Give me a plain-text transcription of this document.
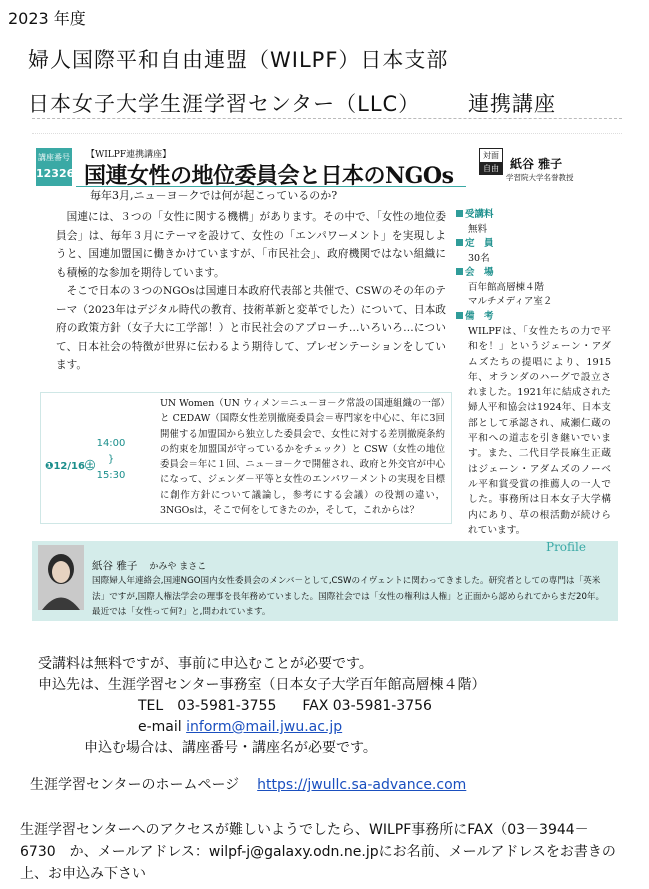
2023 年度
婦人国際平和自由連盟（WILPF）日本支部
日本女子大学生涯学習センター（LLC） 連携講座
講座番号
12326B
【WILPF連携講座】
国連女性の地位委員会と日本のNGOs
毎年3月,ニュ－ヨ－クでは何が起こっているのか?
対面
自由 紙谷 雅子
学習院大学名誉教授

国連には、３つの「女性に関する機構」があります。その中で、「女性の地位委員会」は、毎年３月にテーマを設けて、女性の「エンパワーメント」を実現しようと、国連加盟国に働きかけていますが、「市民社会」、政府機関ではない組織にも積極的な参加を期待しています。

そこで日本の３つのNGOsは国連日本政府代表部と共催で、CSWのその年のテーマ（2023年はデジタル時代の教育、技術革新と変革でした）について、日本政府の政策方針（女子大に工学部！）と市民社会のアプローチ…いろいろ…について、日本社会の特徴が世界に伝わるよう期待して、プレゼンテーションをしています。

受講料
無料
定　員
30名
会　場
百年館高層棟４階
マルチメディア室２
備　考
WILPFは、「女性たちの力で平和を！」というジェーン・アダムズたちの提唱により、1915年、オランダのハーグで設立されました。1921年に結成された婦人平和協会は1924年、日本支部として承認され、咸瀬仁蔵の平和への道志を引き継いでいます。また、二代目学長麻生正蔵はジェーン・アダムズのノーベル平和賞受賞の推薦人の一人でした。事務所は日本女子大学構内にあり、草の根活動が続けられています。
❶12/16㊏
14:00
}
15:30
UN Women（UN ウィメン＝ニュ－ヨ－ク常設の国連組織の一部）と CEDAW（国際女性差別撤廃委員会＝専門家を中心に、年に3回開催する加盟国から独立した委員会で、女性に対する差別撤廃条約の約束を加盟国が守っているかをチェック）と CSW（女性の地位委員会＝年に１回、ニュ－ヨ－クで開催され、政府と外交官が中心になって、ジェンダ－平等と女性のエンパワ－メントの実現を目標に創作方針について議論し，参考にする会議）の役割の違い，3NGOsは，そこで何をしてきたのか，そして，これからは？
Profile
紙谷 雅子 かみや まさこ
国際婦人年連絡会,国連NGO国内女性委員会のメンバ－として,CSWのイヴェントに関わってきました。研究者としての専門は「英米法」ですが,国際人権法学会の理事を長年務めていました。国際社会では「女性の権利は人権」と正面から認められてからまだ20年。最近では「女性って何?」と,問われています。
受講料は無料ですが、事前に申込むことが必要です。
申込先は、生涯学習センター事務室（日本女子大学百年館高層棟４階）
TEL　03-5981-3755 FAX 03-5981-3756
e-mail inform@mail.jwu.ac.jp
申込む場合は、講座番号・講座名が必要です。
生涯学習センターのホームページ https://jwullc.sa-advance.com
生涯学習センターへのアクセスが難しいようでしたら、WILPF事務所にFAX（03－3944－6730　か、メールアドレス：wilpf-j@galaxy.odn.ne.jpにお名前、メールアドレスをお書きの上、お申込み下さい
